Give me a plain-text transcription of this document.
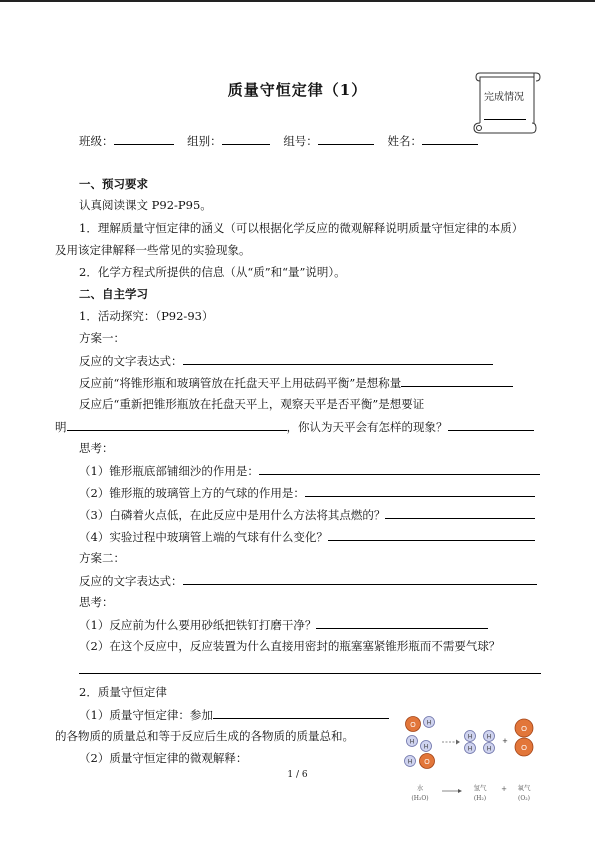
质量守恒定律（1）	完成情况
班级：	组别：	组号：	姓名：
一、预习要求
认真阅读课文 P92-P95。
1．理解质量守恒定律的涵义（可以根据化学反应的微观解释说明质量守恒定律的本质）
及用该定律解释一些常见的实验现象。
2．化学方程式所提供的信息（从“质”和“量”说明）。
二、自主学习
1．活动探究：（P92-93）
方案一：
反应的文字表达式：
反应前“将锥形瓶和玻璃管放在托盘天平上用砝码平衡”是想称量
反应后“重新把锥形瓶放在托盘天平上，观察天平是否平衡”是想要证
明	，你认为天平会有怎样的现象？
思考：
（1）锥形瓶底部铺细沙的作用是：
（2）锥形瓶的玻璃管上方的气球的作用是：
（3）白磷着火点低，在此反应中是用什么方法将其点燃的？
（4）实验过程中玻璃管上端的气球有什么变化？
方案二：
反应的文字表达式：
思考：
（1）反应前为什么要用砂纸把铁钉打磨干净？
（2）在这个反应中，反应装置为什么直接用密封的瓶塞塞紧锥形瓶而不需要气球？
2．质量守恒定律
（1）质量守恒定律：参加
的各物质的质量总和等于反应后生成的各物质的质量总和。
（2）质量守恒定律的微观解释：
O H
H
H
H O
H
H
H
H
+
O
O
水
(H₂O)
氢气
(H₂)
+ 氧气
(O₂)
1 / 6
